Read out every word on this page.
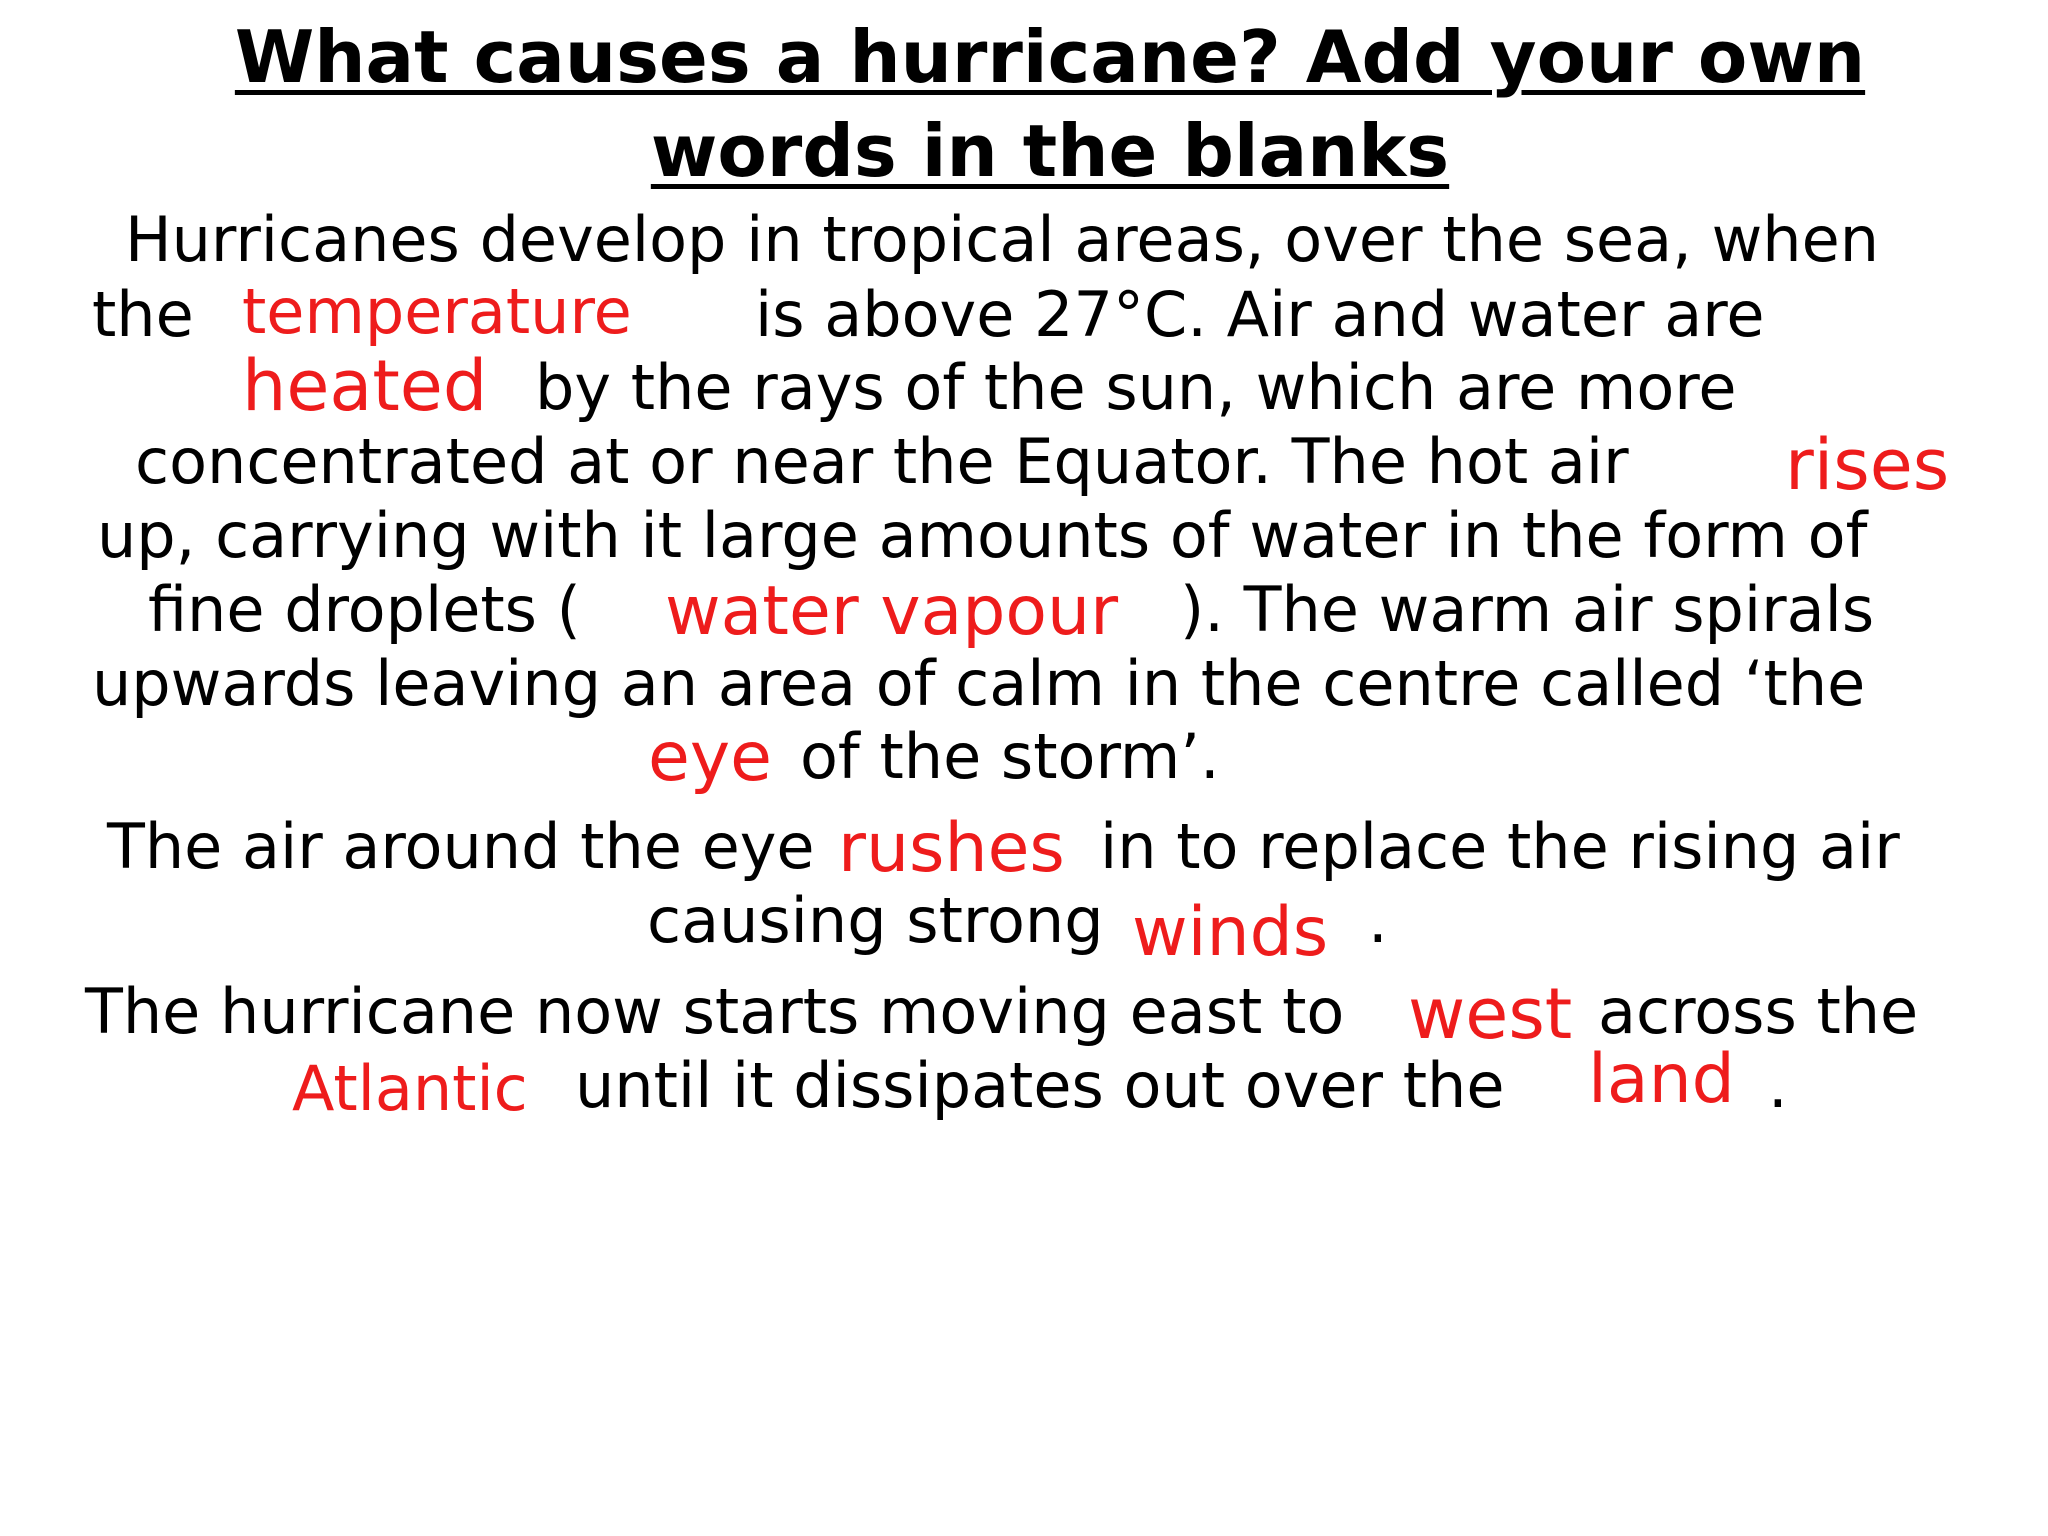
What causes a hurricane? Add your own
words in the blanks
Hurricanes develop in tropical areas, over the sea, when
the temperature is above 27°C. Air and water are
heated by the rays of the sun, which are more
concentrated at or near the Equator. The hot air rises
up, carrying with it large amounts of water in the form of
fine droplets ( water vapour ). The warm air spirals
upwards leaving an area of calm in the centre called ‘the
eye of the storm’.
The air around the eye rushes in to replace the rising air
causing strong winds .
The hurricane now starts moving east to west across the
Atlantic until it dissipates out over the land .
